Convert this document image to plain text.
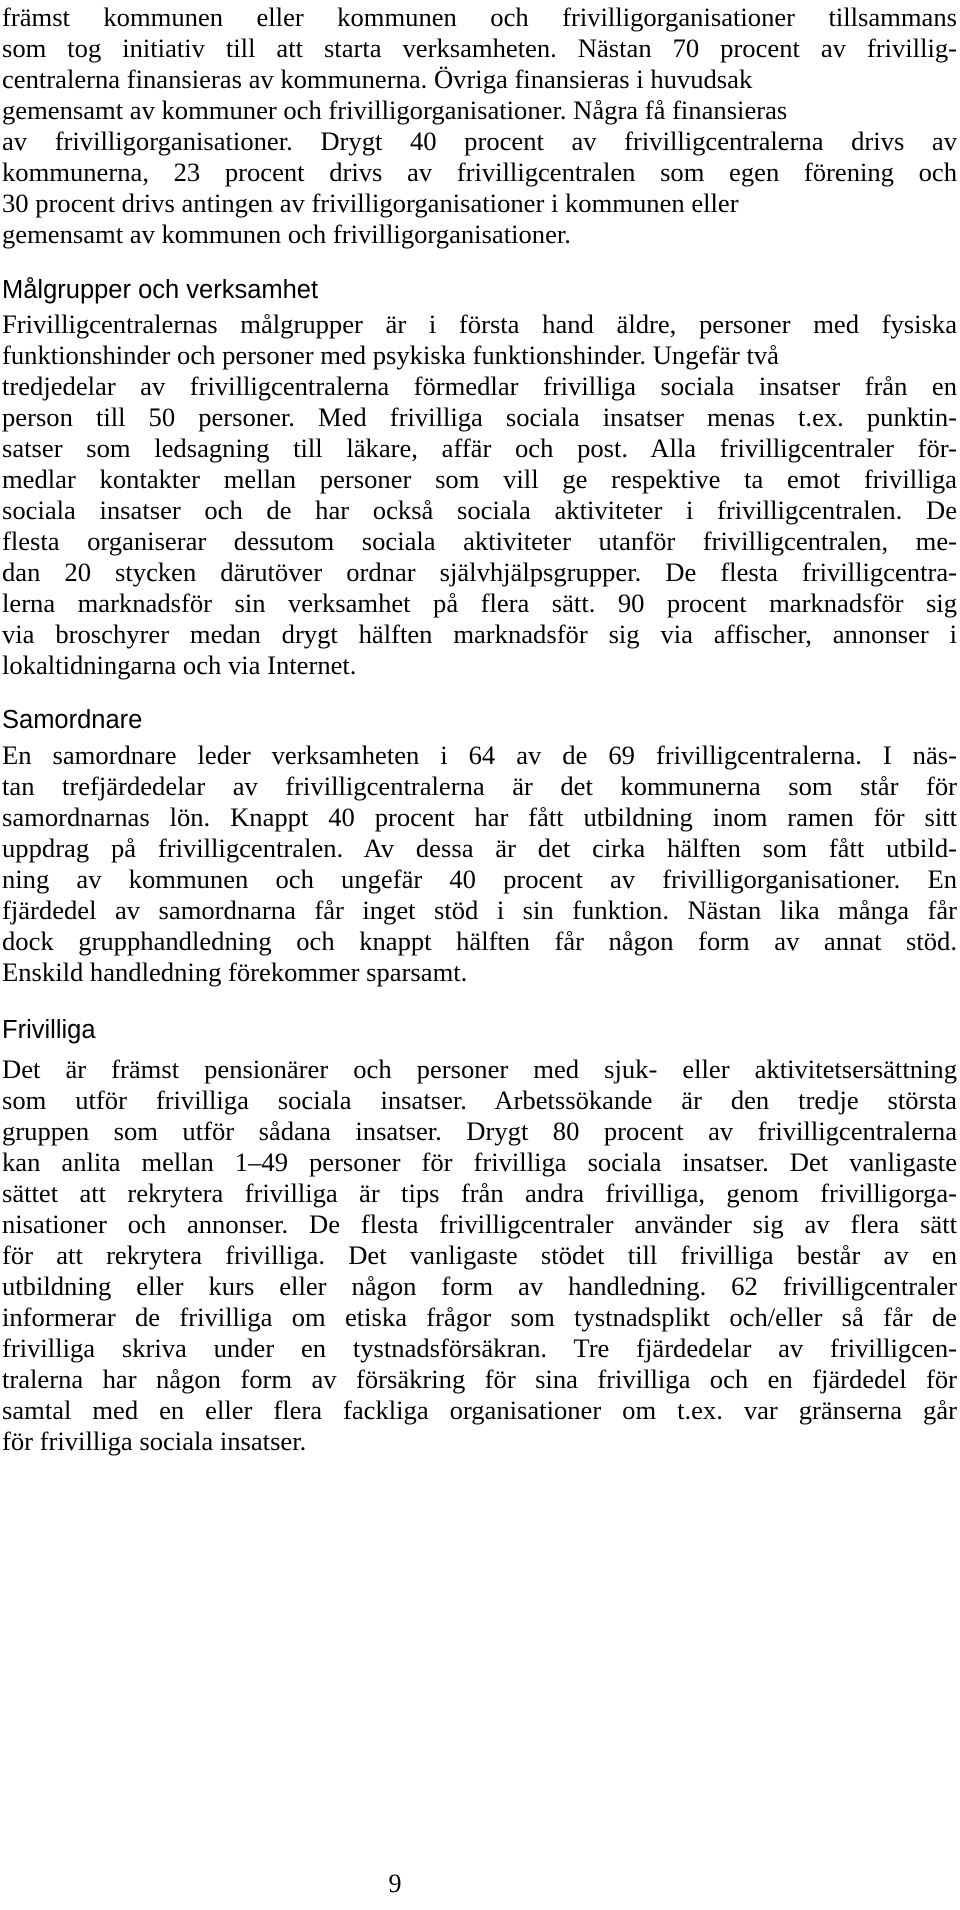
främst kommunen eller kommunen och frivilligorganisationer tillsammans
som tog initiativ till att starta verksamheten. Nästan 70 procent av frivillig-
centralerna finansieras av kommunerna. Övriga finansieras i huvudsak
gemensamt av kommuner och frivilligorganisationer. Några få finansieras
av frivilligorganisationer. Drygt 40 procent av frivilligcentralerna drivs av
kommunerna, 23 procent drivs av frivilligcentralen som egen förening och
30 procent drivs antingen av frivilligorganisationer i kommunen eller
gemensamt av kommunen och frivilligorganisationer.
Målgrupper och verksamhet
Frivilligcentralernas målgrupper är i första hand äldre, personer med fysiska
funktionshinder och personer med psykiska funktionshinder. Ungefär två
tredjedelar av frivilligcentralerna förmedlar frivilliga sociala insatser från en
person till 50 personer. Med frivilliga sociala insatser menas t.ex. punktin-
satser som ledsagning till läkare, affär och post. Alla frivilligcentraler för-
medlar kontakter mellan personer som vill ge respektive ta emot frivilliga
sociala insatser och de har också sociala aktiviteter i frivilligcentralen. De
flesta organiserar dessutom sociala aktiviteter utanför frivilligcentralen, me-
dan 20 stycken därutöver ordnar självhjälpsgrupper. De flesta frivilligcentra-
lerna marknadsför sin verksamhet på flera sätt. 90 procent marknadsför sig
via broschyrer medan drygt hälften marknadsför sig via affischer, annonser i
lokaltidningarna och via Internet.
Samordnare
En samordnare leder verksamheten i 64 av de 69 frivilligcentralerna. I näs-
tan trefjärdedelar av frivilligcentralerna är det kommunerna som står för
samordnarnas lön. Knappt 40 procent har fått utbildning inom ramen för sitt
uppdrag på frivilligcentralen. Av dessa är det cirka hälften som fått utbild-
ning av kommunen och ungefär 40 procent av frivilligorganisationer. En
fjärdedel av samordnarna får inget stöd i sin funktion. Nästan lika många får
dock grupphandledning och knappt hälften får någon form av annat stöd.
Enskild handledning förekommer sparsamt.
Frivilliga
Det är främst pensionärer och personer med sjuk- eller aktivitetsersättning
som utför frivilliga sociala insatser. Arbetssökande är den tredje största
gruppen som utför sådana insatser. Drygt 80 procent av frivilligcentralerna
kan anlita mellan 1–49 personer för frivilliga sociala insatser. Det vanligaste
sättet att rekrytera frivilliga är tips från andra frivilliga, genom frivilligorga-
nisationer och annonser. De flesta frivilligcentraler använder sig av flera sätt
för att rekrytera frivilliga. Det vanligaste stödet till frivilliga består av en
utbildning eller kurs eller någon form av handledning. 62 frivilligcentraler
informerar de frivilliga om etiska frågor som tystnadsplikt och/eller så får de
frivilliga skriva under en tystnadsförsäkran. Tre fjärdedelar av frivilligcen-
tralerna har någon form av försäkring för sina frivilliga och en fjärdedel för
samtal med en eller flera fackliga organisationer om t.ex. var gränserna går
för frivilliga sociala insatser.
9
